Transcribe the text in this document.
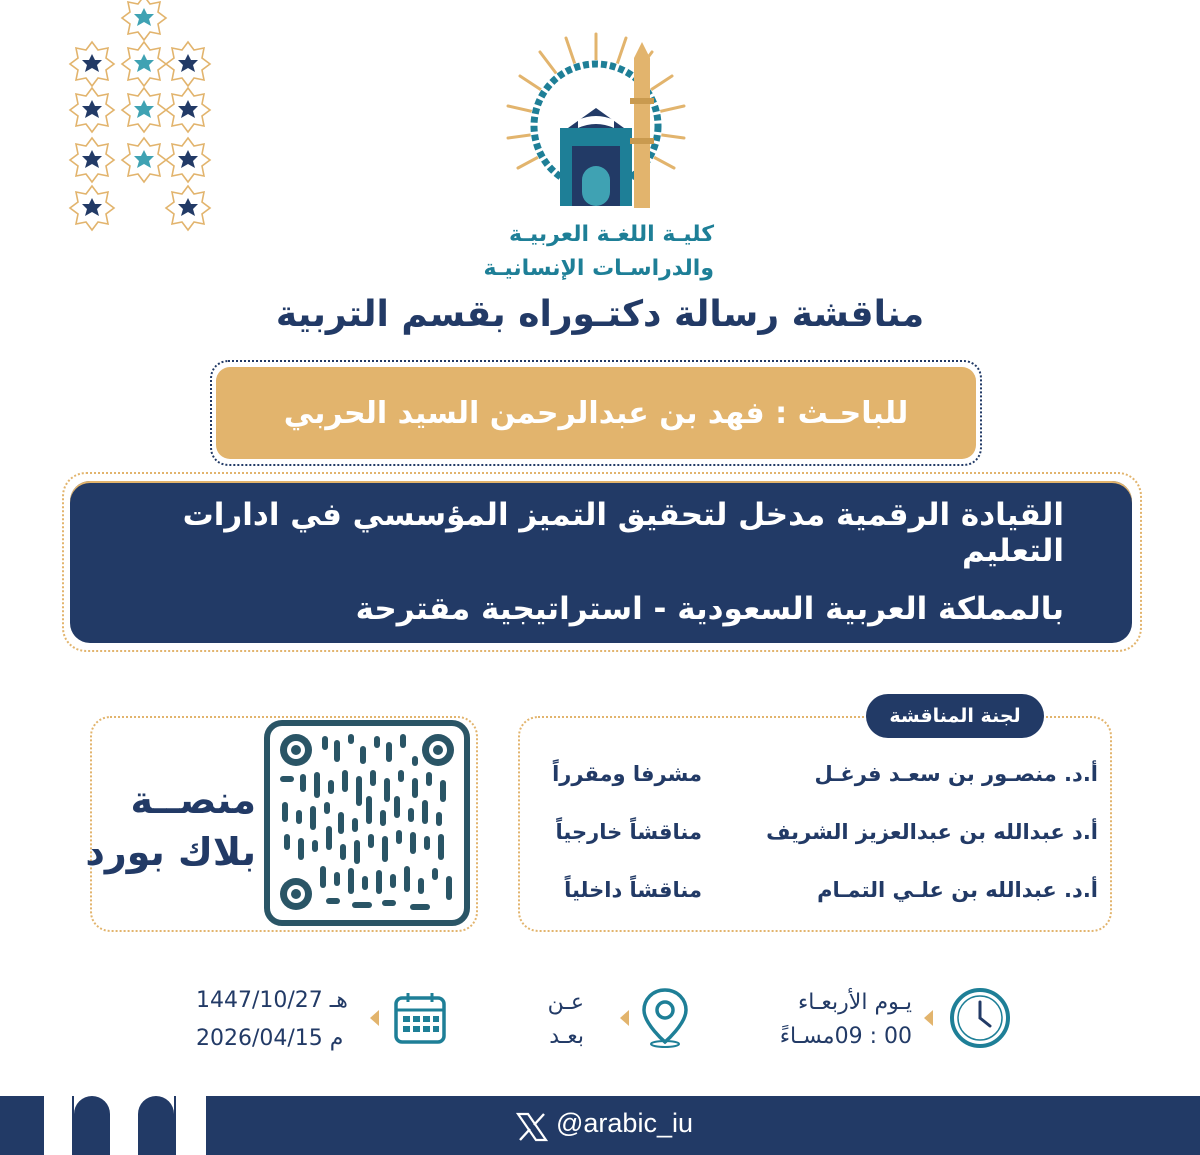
كليـة اللغـة العربيـة
والدراسـات الإنسانيـة
مناقشة رسالة دكتـوراه بقسم التربية
للباحـث : فهد بن عبدالرحمن السيد الحربي
القيادة الرقمية مدخل لتحقيق التميز المؤسسي في ادارات التعليم
بالمملكة العربية السعودية - استراتيجية مقترحة
لجنة المناقشة
أ.د. منصـور بن سعـد فرغـل
مشرفا ومقرراً
أ.د عبدالله بن عبدالعزيز الشريف
مناقشاً خارجياً
أ.د. عبدالله بن علـي التمـام
مناقشاً داخلياً
منصــة
بلاك بورد
يـوم الأربعـاء
00 : 09مسـاءً
عـن
بعـد
1447/10/27 هـ
2026/04/15 م
@arabic_iu
